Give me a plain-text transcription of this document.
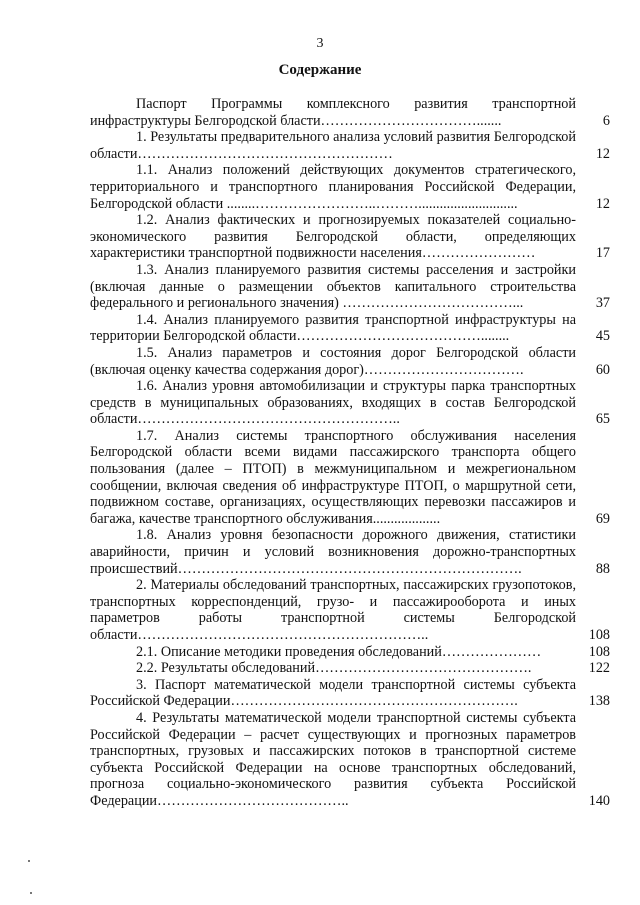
3
Содержание
Паспорт Программы комплексного развития транспортной инфраструктуры Белгородской бласти…………………………….......	6
1. Результаты предварительного анализа условий развития Белгородской области………………………………………………	12
1.1. Анализ положений действующих документов стратегического, территориального и транспортного планирования Российской Федерации, Белгородской области ........……………………..………............................	12
1.2. Анализ фактических и прогнозируемых показателей социально-экономического развития Белгородской области, определяющих характеристики транспортной подвижности населения……………………	17
1.3. Анализ планируемого развития системы расселения и застройки (включая данные о размещении объектов капитального строительства федерального и регионального значения) ………………………………...	37
1.4. Анализ планируемого развития транспортной инфраструктуры на территории Белгородской области…………………………………........	45
1.5. Анализ параметров и состояния дорог Белгородской области (включая оценку качества содержания дорог)…………………………….	60
1.6. Анализ уровня автомобилизации и структуры парка транспортных средств в муниципальных образованиях, входящих в состав Белгородской области………………………………………………..	65
1.7. Анализ системы транспортного обслуживания населения Белгородской области всеми видами пассажирского транспорта общего пользования (далее – ПТОП) в межмуниципальном и межрегиональном сообщении, включая сведения об инфраструктуре ПТОП, о маршрутной сети, подвижном составе, организациях, осуществляющих перевозки пассажиров и багажа, качестве транспортного обслуживания...................	69
1.8. Анализ уровня безопасности дорожного движения, статистики аварийности, причин и условий возникновения дорожно-транспортных происшествий……………………………………………………………….	88
2. Материалы обследований транспортных, пассажирских грузопотоков, транспортных корреспонденций, грузо- и пассажирооборота и иных параметров работы транспортной системы Белгородской области……………………………………………………..	108
2.1. Описание методики проведения обследований…………………	108
2.2. Результаты обследований……………………………………….	122
3. Паспорт математической модели транспортной системы субъекта Российской Федерации…………………………………………………….	138
4. Результаты математической модели транспортной системы субъекта Российской Федерации – расчет существующих и прогнозных параметров транспортных, грузовых и пассажирских потоков в транспортной системе субъекта Российской Федерации на основе транспортных обследований, прогноза социально-экономического развития субъекта Российской Федерации…………………………………..	140
